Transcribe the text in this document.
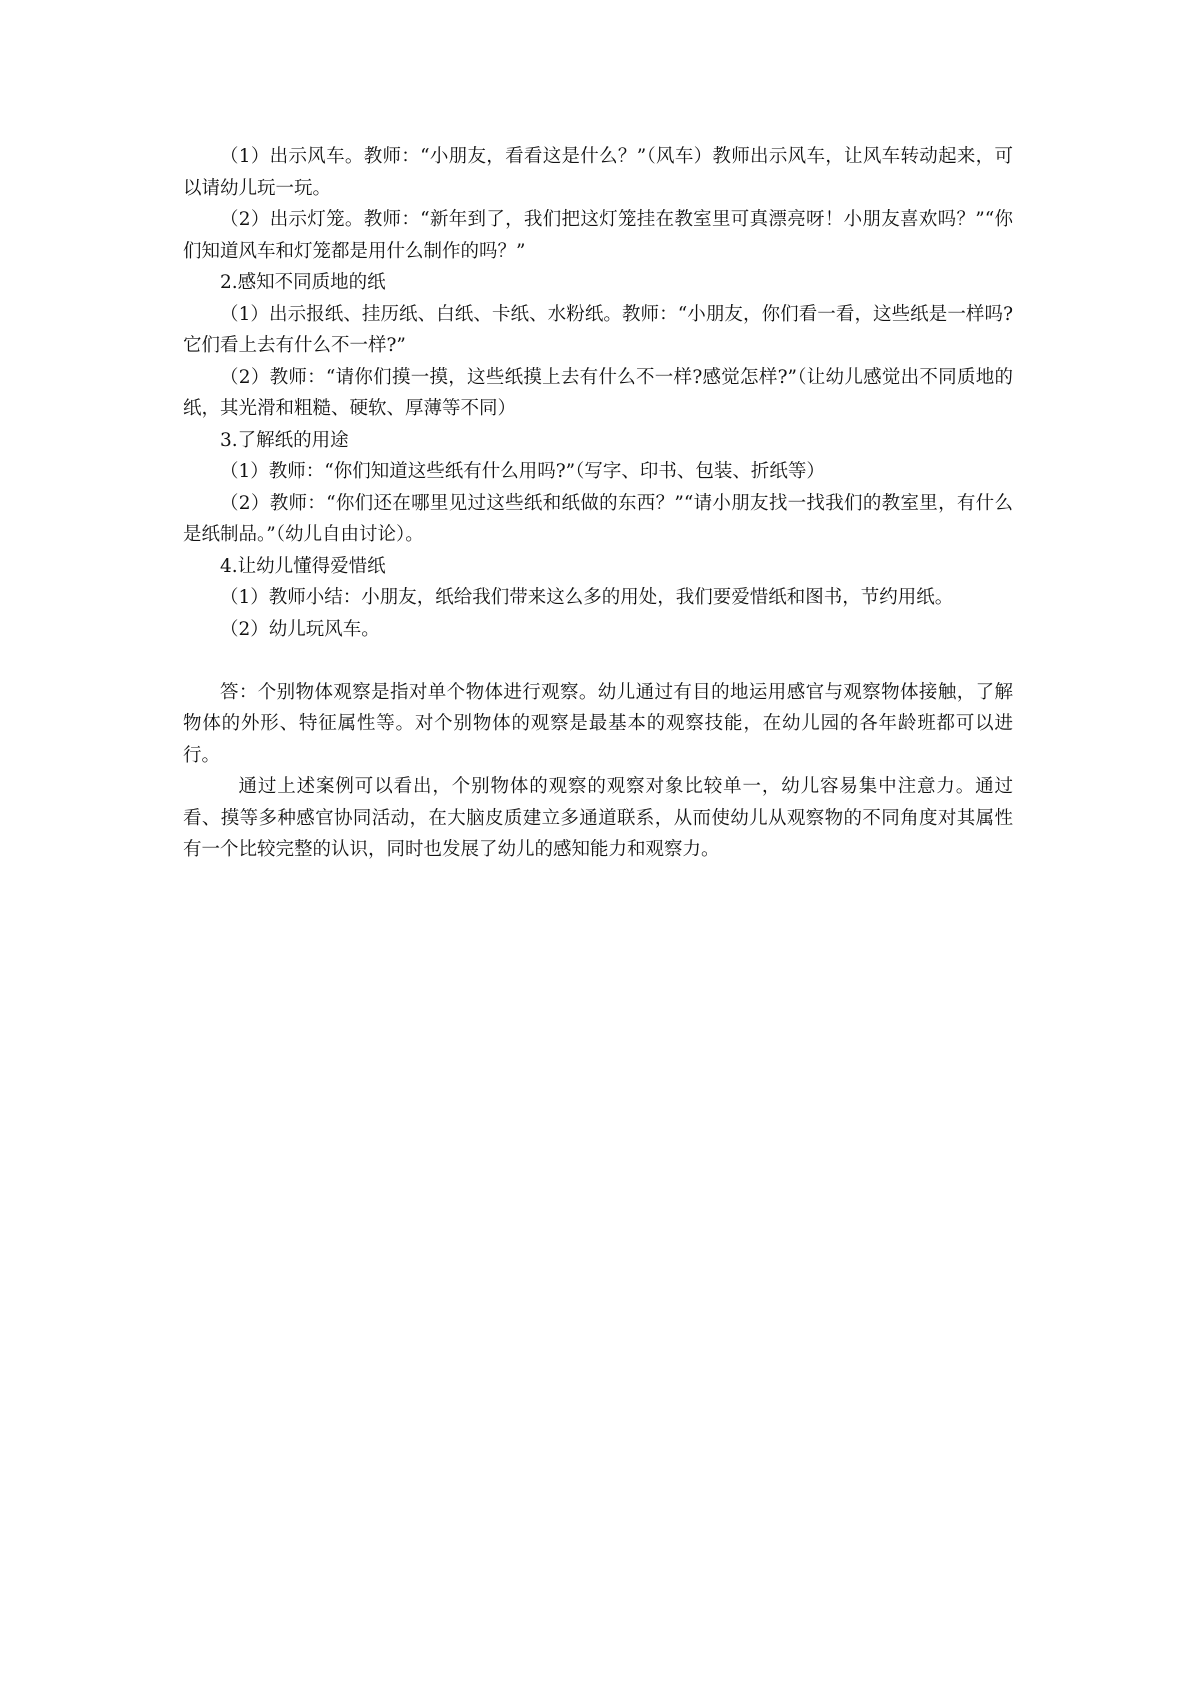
（1）出示风车。教师：“小朋友，看看这是什么？”（风车）教师出示风车，让风车转动起来，可以请幼儿玩一玩。

（2）出示灯笼。教师：“新年到了，我们把这灯笼挂在教室里可真漂亮呀！小朋友喜欢吗？”“你们知道风车和灯笼都是用什么制作的吗？”

2.感知不同质地的纸

（1）出示报纸、挂历纸、白纸、卡纸、水粉纸。教师：“小朋友，你们看一看，这些纸是一样吗?它们看上去有什么不一样?”

（2）教师：“请你们摸一摸，这些纸摸上去有什么不一样?感觉怎样?”（让幼儿感觉出不同质地的纸，其光滑和粗糙、硬软、厚薄等不同）

3.了解纸的用途

（1）教师：“你们知道这些纸有什么用吗?”（写字、印书、包装、折纸等）

（2）教师：“你们还在哪里见过这些纸和纸做的东西？”“请小朋友找一找我们的教室里，有什么是纸制品。”（幼儿自由讨论）。

4.让幼儿懂得爱惜纸

（1）教师小结：小朋友，纸给我们带来这么多的用处，我们要爱惜纸和图书，节约用纸。

（2）幼儿玩风车。

答：个别物体观察是指对单个物体进行观察。幼儿通过有目的地运用感官与观察物体接触，了解物体的外形、特征属性等。对个别物体的观察是最基本的观察技能，在幼儿园的各年龄班都可以进行。

通过上述案例可以看出，个别物体的观察的观察对象比较单一，幼儿容易集中注意力。通过看、摸等多种感官协同活动，在大脑皮质建立多通道联系，从而使幼儿从观察物的不同角度对其属性有一个比较完整的认识，同时也发展了幼儿的感知能力和观察力。
